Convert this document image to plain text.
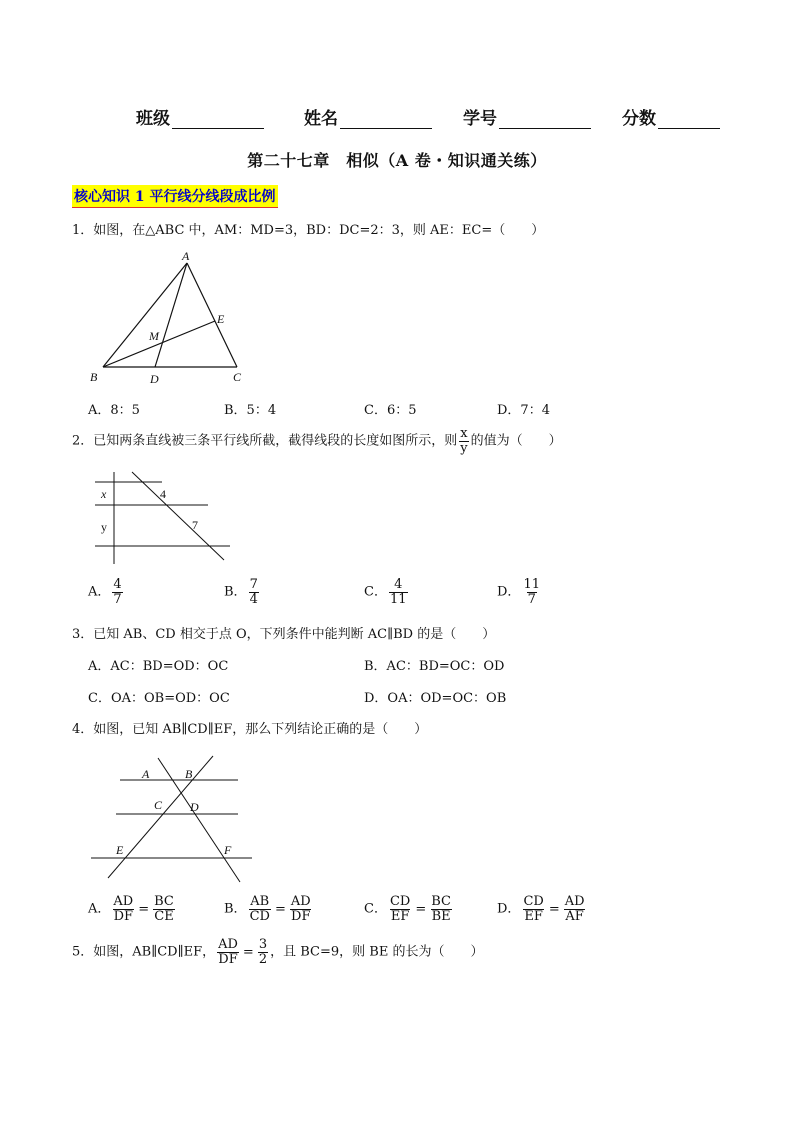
班级	姓名	学号	分数
第二十七章　相似（A 卷・知识通关练）
核心知识 1 平行线分线段成比例
1．如图，在△ABC 中，AM：MD=3，BD：DC=2：3，则 AE：EC=（　　）
A
B	C
D
E
M
A．8：5	B．5：4	C．6：5	D．7：4
2．已知两条直线被三条平行线所截，截得线段的长度如图所示，则 $\frac{x}{y}$ 的值为（　　）
x
y
4
7
A． $\frac{4}{7}$	B． $\frac{7}{4}$	C． $\frac{4}{11}$	D． $\frac{11}{7}$
3．已知 AB、CD 相交于点 O，下列条件中能判断 AC∥BD 的是（　　）
A．AC：BD=OD：OC	B．AC：BD=OC：OD
C．OA：OB=OD：OC	D．OA：OD=OC：OB
4．如图，已知 AB∥CD∥EF，那么下列结论正确的是（　　）
A	B
C D
E	F
A． $\frac{AD}{DF} = \frac{BC}{CE}$	B． $\frac{AB}{CD} = \frac{AD}{DF}$	C． $\frac{CD}{EF} = \frac{BC}{BE}$	D． $\frac{CD}{EF} = \frac{AD}{AF}$
5．如图，AB∥CD∥EF， $\frac{AD}{DF} = \frac{3}{2}$ ，且 BC=9，则 BE 的长为（　　）
